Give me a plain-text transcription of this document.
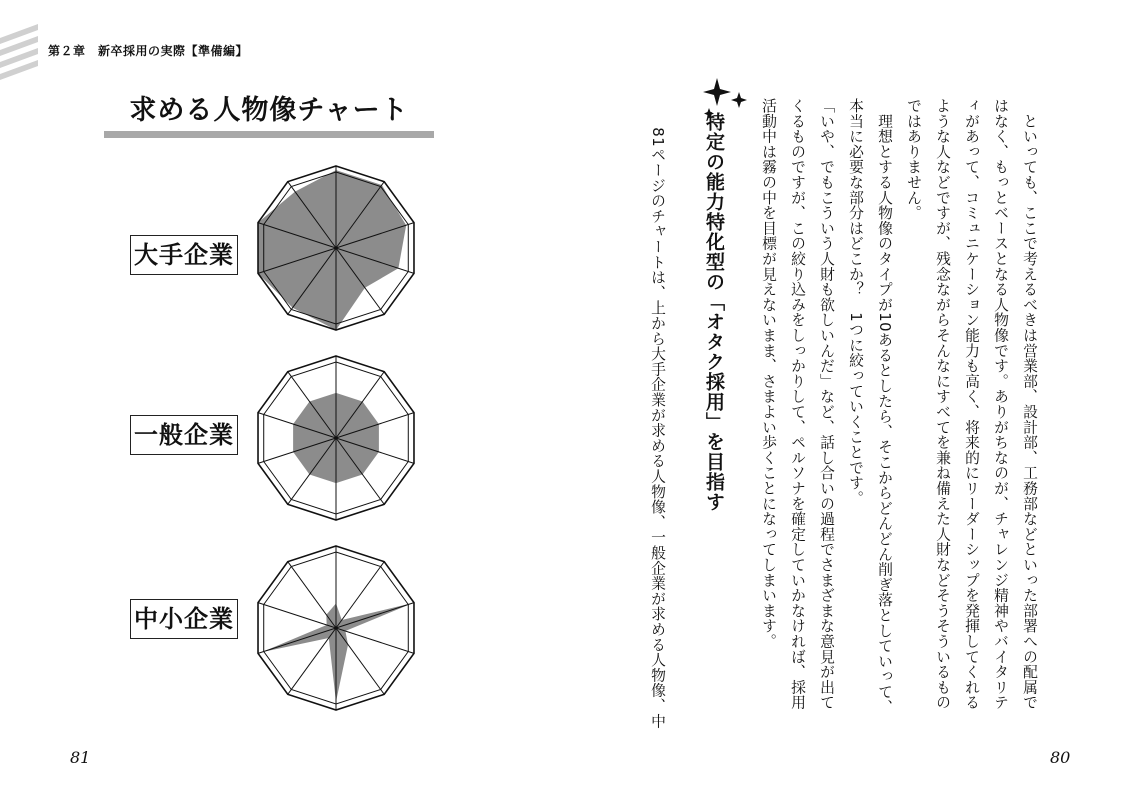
第２章　新卒採用の実際【準備編】
求める人物像チャート
大手企業
一般企業
中小企業	　といっても、ここで考えるべきは営業部、設計部、工務部などといった部署への配属で
はなく、もっとベースとなる人物像です。ありがちなのが、チャレンジ精神やバイタリテ
ィがあって、コミュニケーション能力も高く、将来的にリーダーシップを発揮してくれる
ような人などですが、残念ながらそんなにすべてを兼ね備えた人財などそうそういるもの
ではありません。
　理想とする人物像のタイプが10あるとしたら、そこからどんどん削ぎ落としていって、
本当に必要な部分はどこか？　1つに絞っていくことです。
「いや、でもこういう人財も欲しいんだ」など、話し合いの過程でさまざまな意見が出て
くるものですが、この絞り込みをしっかりして、ペルソナを確定していかなければ、採用
活動中は霧の中を目標が見えないまま、さまよい歩くことになってしまいます。
特定の能力特化型の「オタク採用」を目指す
　81ページのチャートは、上から大手企業が求める人物像、一般企業が求める人物像、中
81	80
